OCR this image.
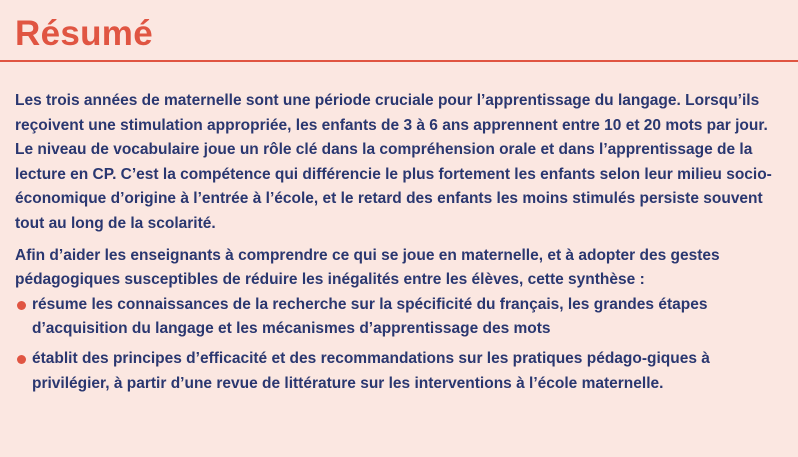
Résumé

Les trois années de maternelle sont une période cruciale pour l’apprentissage du langage. Lorsqu’ils reçoivent une stimulation appropriée, les enfants de 3 à 6 ans apprennent entre 10 et 20 mots par jour. Le niveau de vocabulaire joue un rôle clé dans la compréhension orale et dans l’apprentissage de la lecture en CP. C’est la compétence qui différencie le plus fortement les enfants selon leur milieu socio-économique d’origine à l’entrée à l’école, et le retard des enfants les moins stimulés persiste souvent tout au long de la scolarité.

Afin d’aider les enseignants à comprendre ce qui se joue en maternelle, et à adopter des gestes pédagogiques susceptibles de réduire les inégalités entre les élèves, cette synthèse :

résume les connaissances de la recherche sur la spécificité du français, les grandes étapes d’acquisition du langage et les mécanismes d’apprentissage des mots
établit des principes d’efficacité et des recommandations sur les pratiques pédago-giques à privilégier, à partir d’une revue de littérature sur les interventions à l’école maternelle.
